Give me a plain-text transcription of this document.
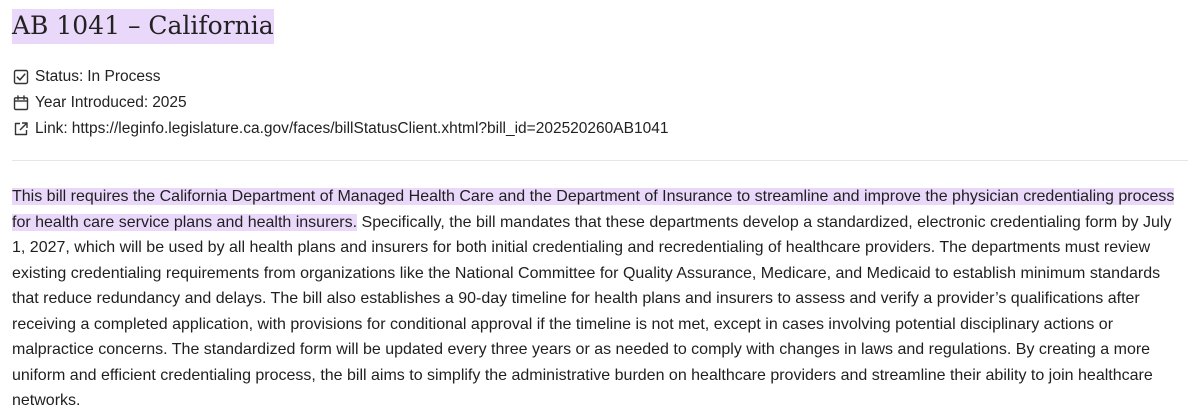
AB 1041 – California
Status: In Process
Year Introduced: 2025
Link: https://leginfo.legislature.ca.gov/faces/billStatusClient.xhtml?bill_id=202520260AB1041

This bill requires the California Department of Managed Health Care and the Department of Insurance to streamline and improve the physician credentialing process for health care service plans and health insurers. Specifically, the bill mandates that these departments develop a standardized, electronic credentialing form by July 1, 2027, which will be used by all health plans and insurers for both initial credentialing and recredentialing of healthcare providers. The departments must review existing credentialing requirements from organizations like the National Committee for Quality Assurance, Medicare, and Medicaid to establish minimum standards that reduce redundancy and delays. The bill also establishes a 90-day timeline for health plans and insurers to assess and verify a provider’s qualifications after receiving a completed application, with provisions for conditional approval if the timeline is not met, except in cases involving potential disciplinary actions or malpractice concerns. The standardized form will be updated every three years or as needed to comply with changes in laws and regulations. By creating a more uniform and efficient credentialing process, the bill aims to simplify the administrative burden on healthcare providers and streamline their ability to join healthcare networks.
